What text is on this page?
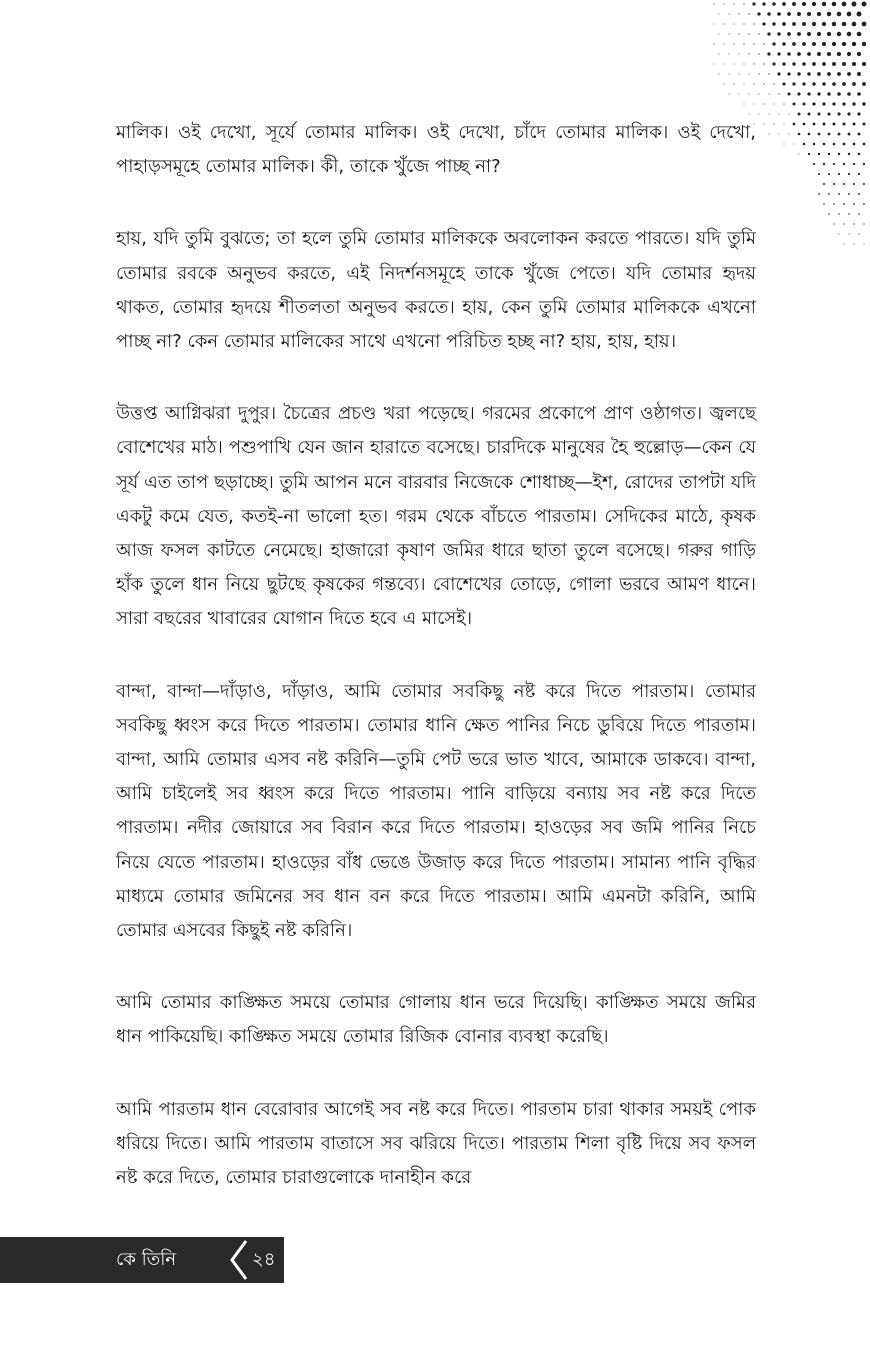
মালিক। ওই দেখো, সূর্যে তোমার মালিক। ওই দেখো, চাঁদে তোমার মালিক। ওই দেখো, পাহাড়সমূহে তোমার মালিক। কী, তাকে খুঁজে পাচ্ছ না?

হায়, যদি তুমি বুঝতে; তা হলে তুমি তোমার মালিককে অবলোকন করতে পারতে। যদি তুমি তোমার রবকে অনুভব করতে, এই নিদর্শনসমূহে তাকে খুঁজে পেতে। যদি তোমার হৃদয় থাকত, তোমার হৃদয়ে শীতলতা অনুভব করতে। হায়, কেন তুমি তোমার মালিককে এখনো পাচ্ছ না? কেন তোমার মালিকের সাথে এখনো পরিচিত হচ্ছ না? হায়, হায়, হায়।

উত্তপ্ত আগ্নিঝরা দুপুর। চৈত্রের প্রচণ্ড খরা পড়েছে। গরমের প্রকোপে প্রাণ ওষ্ঠাগত। জ্বলছে বোশেখের মাঠ। পশুপাখি যেন জান হারাতে বসেছে। চারদিকে মানুষের হৈ হুল্লোড়—কেন যে সূর্য এত তাপ ছড়াচ্ছে। তুমি আপন মনে বারবার নিজেকে শোধাচ্ছ—ইশ, রোদের তাপটা যদি একটু কমে যেত, কতই-না ভালো হত। গরম থেকে বাঁচতে পারতাম। সেদিকের মাঠে, কৃষক আজ ফসল কাটতে নেমেছে। হাজারো কৃষাণ জমির ধারে ছাতা তুলে বসেছে। গরুর গাড়ি হাঁক তুলে ধান নিয়ে ছুটছে কৃষকের গন্তব্যে। বোশেখের তোড়ে, গোলা ভরবে আমণ ধানে। সারা বছরের খাবারের যোগান দিতে হবে এ মাসেই।

বান্দা, বান্দা—দাঁড়াও, দাঁড়াও, আমি তোমার সবকিছু নষ্ট করে দিতে পারতাম। তোমার সবকিছু ধ্বংস করে দিতে পারতাম। তোমার ধানি ক্ষেত পানির নিচে ডুবিয়ে দিতে পারতাম। বান্দা, আমি তোমার এসব নষ্ট করিনি—তুমি পেট ভরে ভাত খাবে, আমাকে ডাকবে। বান্দা, আমি চাইলেই সব ধ্বংস করে দিতে পারতাম। পানি বাড়িয়ে বন্যায় সব নষ্ট করে দিতে পারতাম। নদীর জোয়ারে সব বিরান করে দিতে পারতাম। হাওড়ের সব জমি পানির নিচে নিয়ে যেতে পারতাম। হাওড়ের বাঁধ ভেঙে উজাড় করে দিতে পারতাম। সামান্য পানি বৃদ্ধির মাধ্যমে তোমার জমিনের সব ধান বন করে দিতে পারতাম। আমি এমনটা করিনি, আমি তোমার এসবের কিছুই নষ্ট করিনি।

আমি তোমার কাঙ্ক্ষিত সময়ে তোমার গোলায় ধান ভরে দিয়েছি। কাঙ্ক্ষিত সময়ে জমির ধান পাকিয়েছি। কাঙ্ক্ষিত সময়ে তোমার রিজিক বোনার ব্যবস্থা করেছি।

আমি পারতাম ধান বেরোবার আগেই সব নষ্ট করে দিতে। পারতাম চারা থাকার সময়ই পোক ধরিয়ে দিতে। আমি পারতাম বাতাসে সব ঝরিয়ে দিতে। পারতাম শিলা বৃষ্টি দিয়ে সব ফসল নষ্ট করে দিতে, তোমার চারাগুলোকে দানাহীন করে

কে তিনি	২৪
